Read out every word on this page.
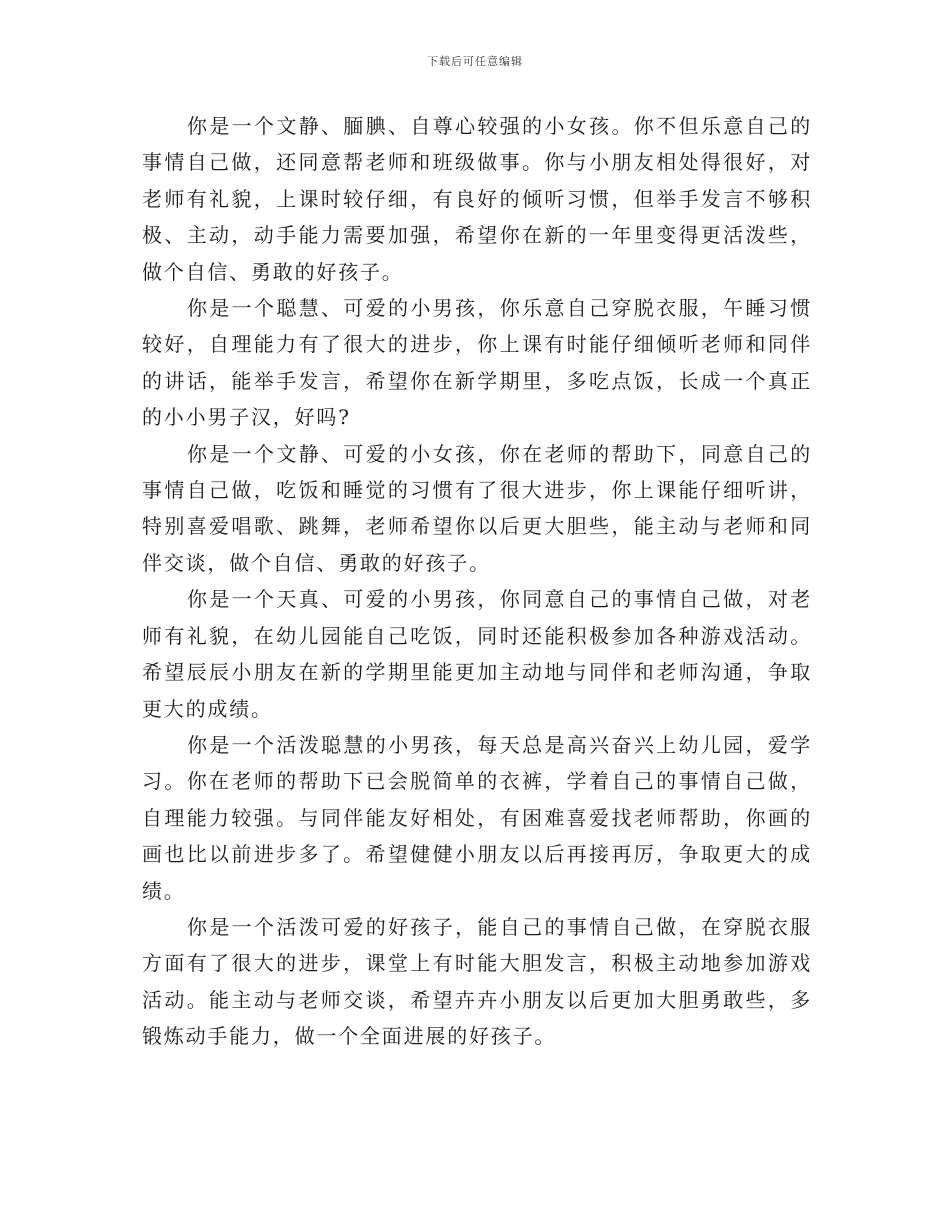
下载后可任意编辑

你是一个文静、腼腆、自尊心较强的小女孩。你不但乐意自己的事情自己做，还同意帮老师和班级做事。你与小朋友相处得很好，对老师有礼貌，上课时较仔细，有良好的倾听习惯，但举手发言不够积极、主动，动手能力需要加强，希望你在新的一年里变得更活泼些，做个自信、勇敢的好孩子。

你是一个聪慧、可爱的小男孩，你乐意自己穿脱衣服，午睡习惯较好，自理能力有了很大的进步，你上课有时能仔细倾听老师和同伴的讲话，能举手发言，希望你在新学期里，多吃点饭，长成一个真正的小小男子汉，好吗?

你是一个文静、可爱的小女孩，你在老师的帮助下，同意自己的事情自己做，吃饭和睡觉的习惯有了很大进步，你上课能仔细听讲，特别喜爱唱歌、跳舞，老师希望你以后更大胆些，能主动与老师和同伴交谈，做个自信、勇敢的好孩子。

你是一个天真、可爱的小男孩，你同意自己的事情自己做，对老师有礼貌，在幼儿园能自己吃饭，同时还能积极参加各种游戏活动。希望辰辰小朋友在新的学期里能更加主动地与同伴和老师沟通，争取更大的成绩。

你是一个活泼聪慧的小男孩，每天总是高兴奋兴上幼儿园，爱学习。你在老师的帮助下已会脱简单的衣裤，学着自己的事情自己做，自理能力较强。与同伴能友好相处，有困难喜爱找老师帮助，你画的画也比以前进步多了。希望健健小朋友以后再接再厉，争取更大的成绩。

你是一个活泼可爱的好孩子，能自己的事情自己做，在穿脱衣服方面有了很大的进步，课堂上有时能大胆发言，积极主动地参加游戏活动。能主动与老师交谈，希望卉卉小朋友以后更加大胆勇敢些，多锻炼动手能力，做一个全面进展的好孩子。
